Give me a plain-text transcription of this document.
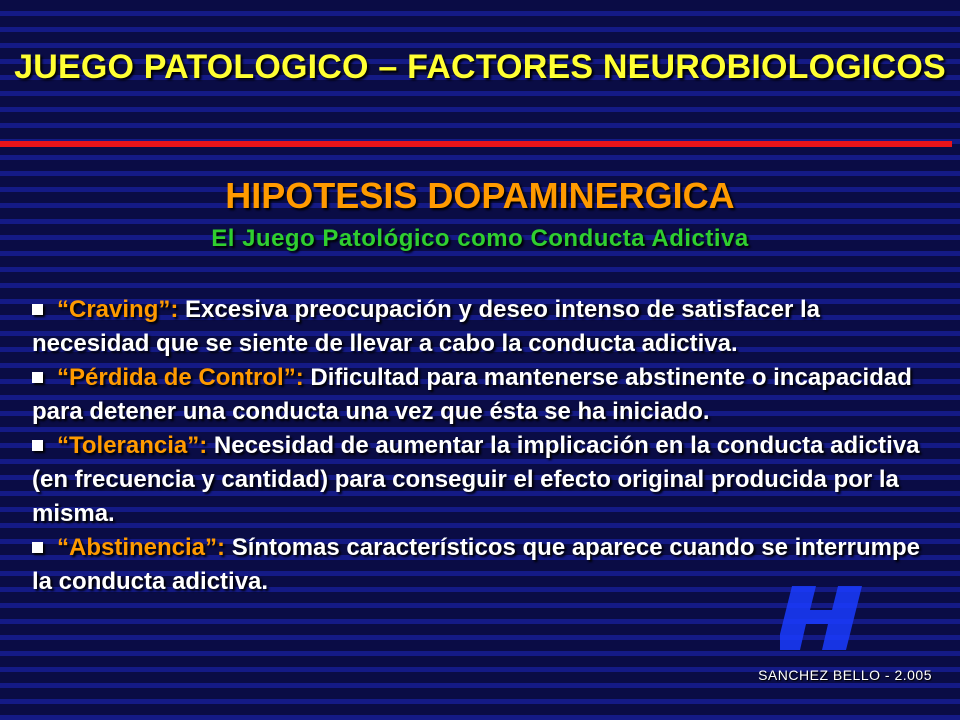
JUEGO PATOLOGICO – FACTORES NEUROBIOLOGICOS
HIPOTESIS DOPAMINERGICA
El Juego Patológico como Conducta Adictiva

“Craving”: Excesiva preocupación y deseo intenso de satisfacer la necesidad que se siente de llevar a cabo la conducta adictiva.

“Pérdida de Control”: Dificultad para mantenerse abstinente o incapacidad para detener una conducta una vez que ésta se ha iniciado.

“Tolerancia”: Necesidad de aumentar la implicación en la conducta adictiva (en frecuencia y cantidad) para conseguir el efecto original producida por la misma.

“Abstinencia”: Síntomas característicos que aparece cuando se interrumpe la conducta adictiva.

SANCHEZ BELLO - 2.005
